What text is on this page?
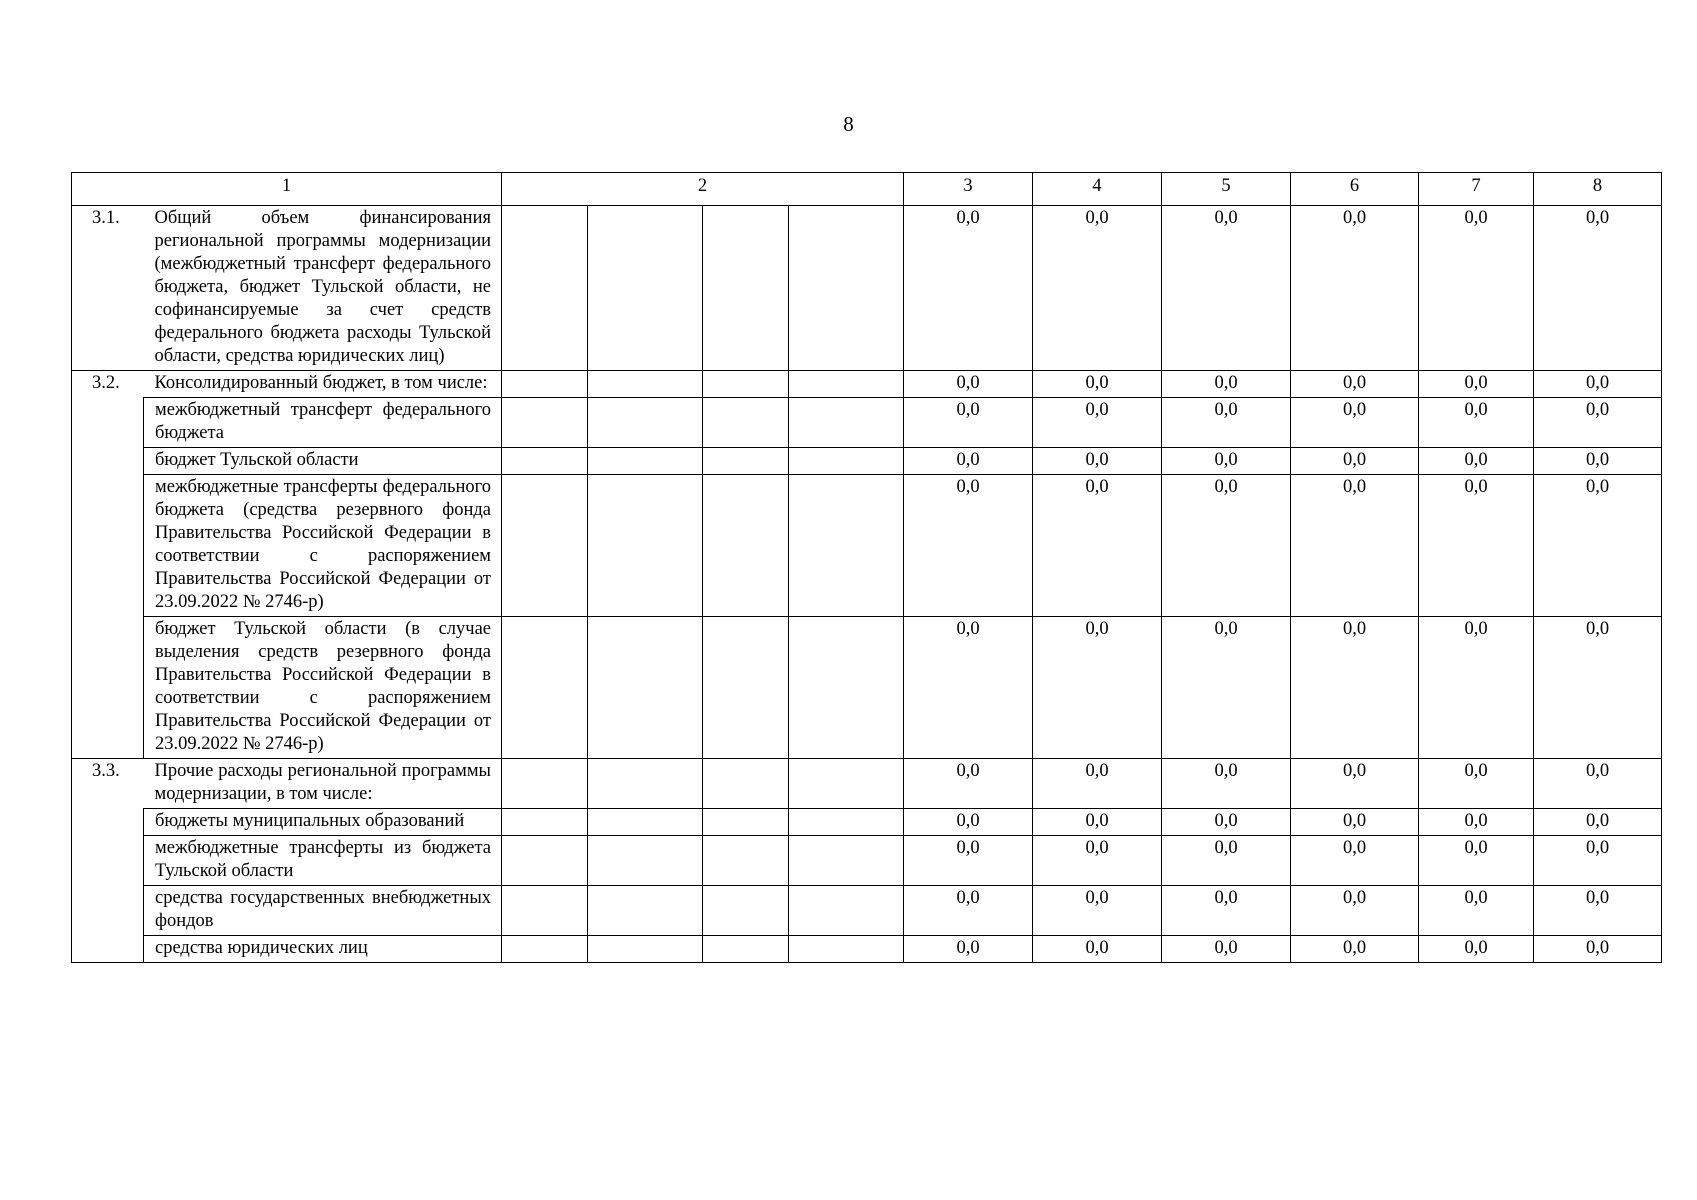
8
1		2				3	4	5	6	7	8
3.1.	Общий объем финансирования региональной программы модернизации (межбюджетный трансферт федерального бюджета, бюджет Тульской области, не софинансируемые за счет средств федерального бюджета расходы Тульской области, средства юридических лиц)					0,0	0,0	0,0	0,0	0,0	0,0
3.2.	Консолидированный бюджет, в том числе:					0,0	0,0	0,0	0,0	0,0	0,0
	межбюджетный трансферт федерального бюджета					0,0	0,0	0,0	0,0	0,0	0,0
	бюджет Тульской области					0,0	0,0	0,0	0,0	0,0	0,0
	межбюджетные трансферты федерального бюджета (средства резервного фонда Правительства Российской Федерации в соответствии с распоряжением Правительства Российской Федерации от 23.09.2022 № 2746-р)					0,0	0,0	0,0	0,0	0,0	0,0
	бюджет Тульской области (в случае выделения средств резервного фонда Правительства Российской Федерации в соответствии с распоряжением Правительства Российской Федерации от 23.09.2022 № 2746-р)					0,0	0,0	0,0	0,0	0,0	0,0
3.3.	Прочие расходы региональной программы модернизации, в том числе:					0,0	0,0	0,0	0,0	0,0	0,0
	бюджеты муниципальных образований					0,0	0,0	0,0	0,0	0,0	0,0
	межбюджетные трансферты из бюджета Тульской области					0,0	0,0	0,0	0,0	0,0	0,0
	средства государственных внебюджетных фондов					0,0	0,0	0,0	0,0	0,0	0,0
	средства юридических лиц					0,0	0,0	0,0	0,0	0,0	0,0
